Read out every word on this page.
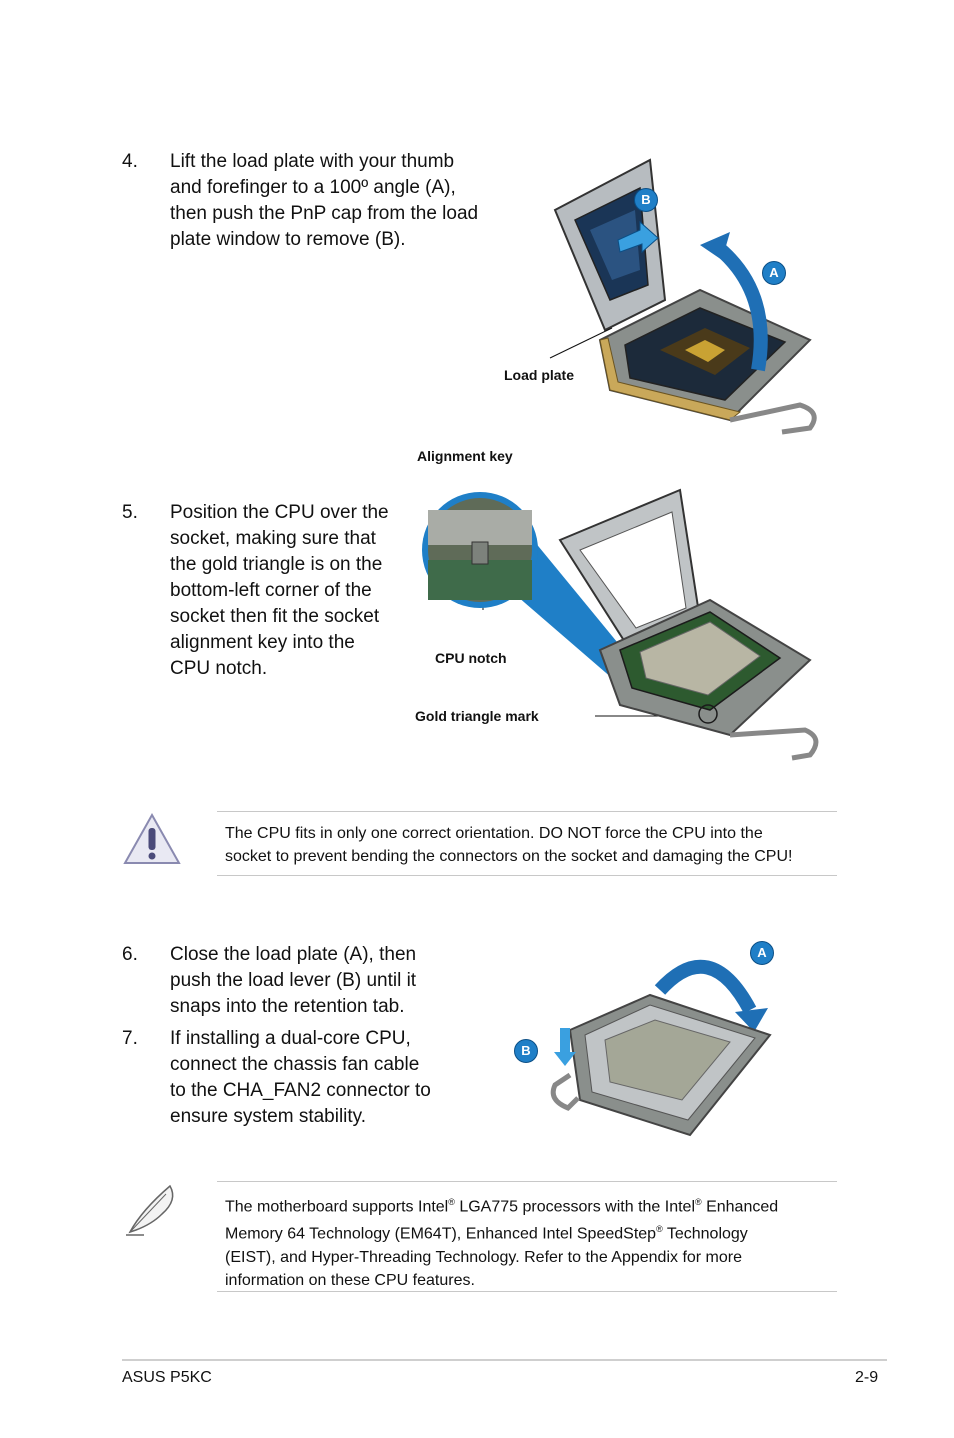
4. Lift the load plate with your thumb
and forefinger to a 100º angle (A),
then push the PnP cap from the load
plate window to remove (B).
B
A
Load plate
5. Position the CPU over the
socket, making sure that
the gold triangle is on the
bottom-left corner of the
socket then fit the socket
alignment key into the
CPU notch.
Alignment key
CPU notch
Gold triangle mark
The CPU fits in only one correct orientation. DO NOT force the CPU into the
socket to prevent bending the connectors on the socket and damaging the CPU!
6. Close the load plate (A), then
push the load lever (B) until it
snaps into the retention tab.
7. If installing a dual-core CPU,
connect the chassis fan cable
to the CHA_FAN2 connector to
ensure system stability.
A
B
The motherboard supports Intel® LGA775 processors with the Intel® Enhanced
Memory 64 Technology (EM64T), Enhanced Intel SpeedStep® Technology
(EIST), and Hyper-Threading Technology. Refer to the Appendix for more
information on these CPU features.
ASUS P5KC	2-9
